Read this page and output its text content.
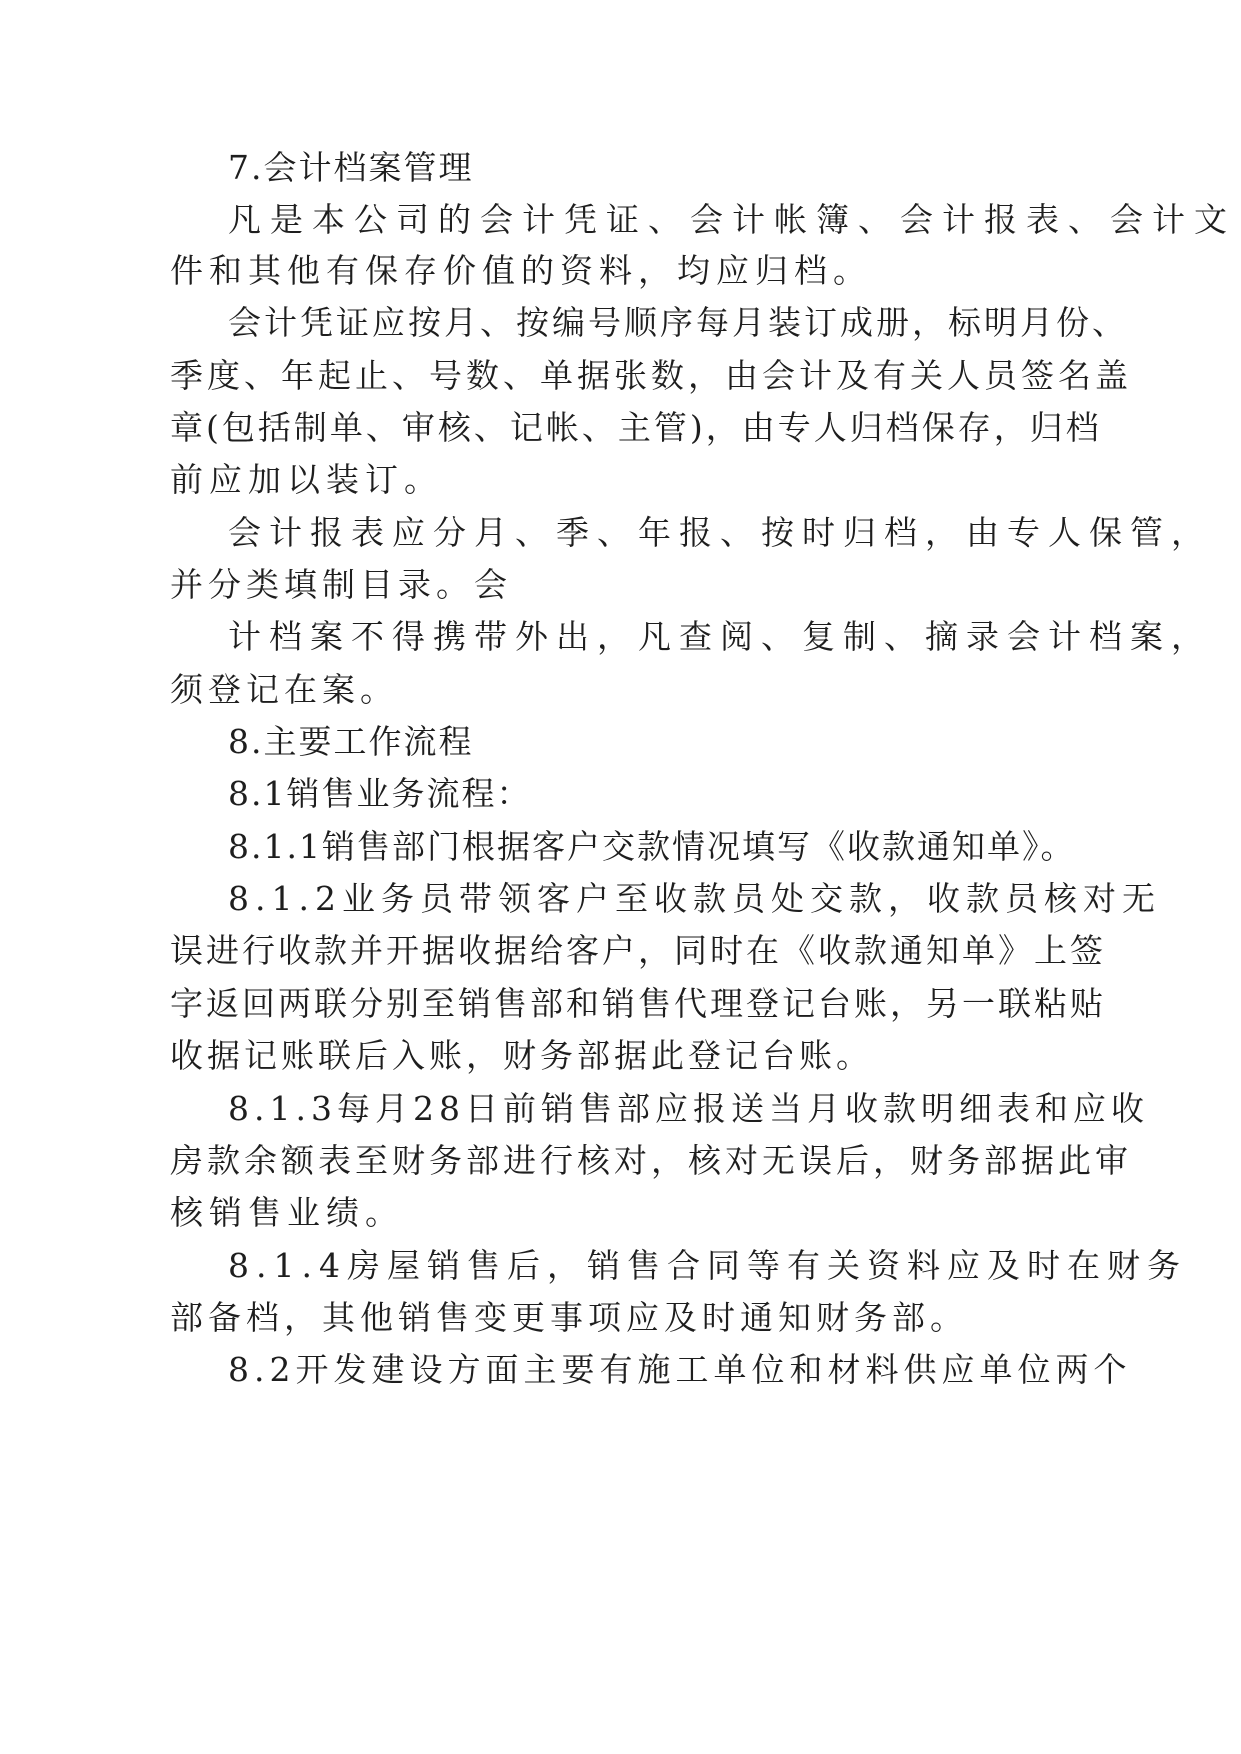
7.会计档案管理
凡是本公司的会计凭证、会计帐簿、会计报表、会计文
件和其他有保存价值的资料，均应归档。
会计凭证应按月、按编号顺序每月装订成册，标明月份、
季度、年起止、号数、单据张数，由会计及有关人员签名盖
章(包括制单、审核、记帐、主管)，由专人归档保存，归档
前应加以装订。
会计报表应分月、季、年报、按时归档，由专人保管，
并分类填制目录。会
计档案不得携带外出，凡查阅、复制、摘录会计档案，
须登记在案。
8.主要工作流程
8.1销售业务流程：
8.1.1销售部门根据客户交款情况填写《收款通知单》。
8.1.2业务员带领客户至收款员处交款，收款员核对无
误进行收款并开据收据给客户，同时在《收款通知单》上签
字返回两联分别至销售部和销售代理登记台账，另一联粘贴
收据记账联后入账，财务部据此登记台账。
8.1.3每月28日前销售部应报送当月收款明细表和应收
房款余额表至财务部进行核对，核对无误后，财务部据此审
核销售业绩。
8.1.4房屋销售后，销售合同等有关资料应及时在财务
部备档，其他销售变更事项应及时通知财务部。
8.2开发建设方面主要有施工单位和材料供应单位两个
